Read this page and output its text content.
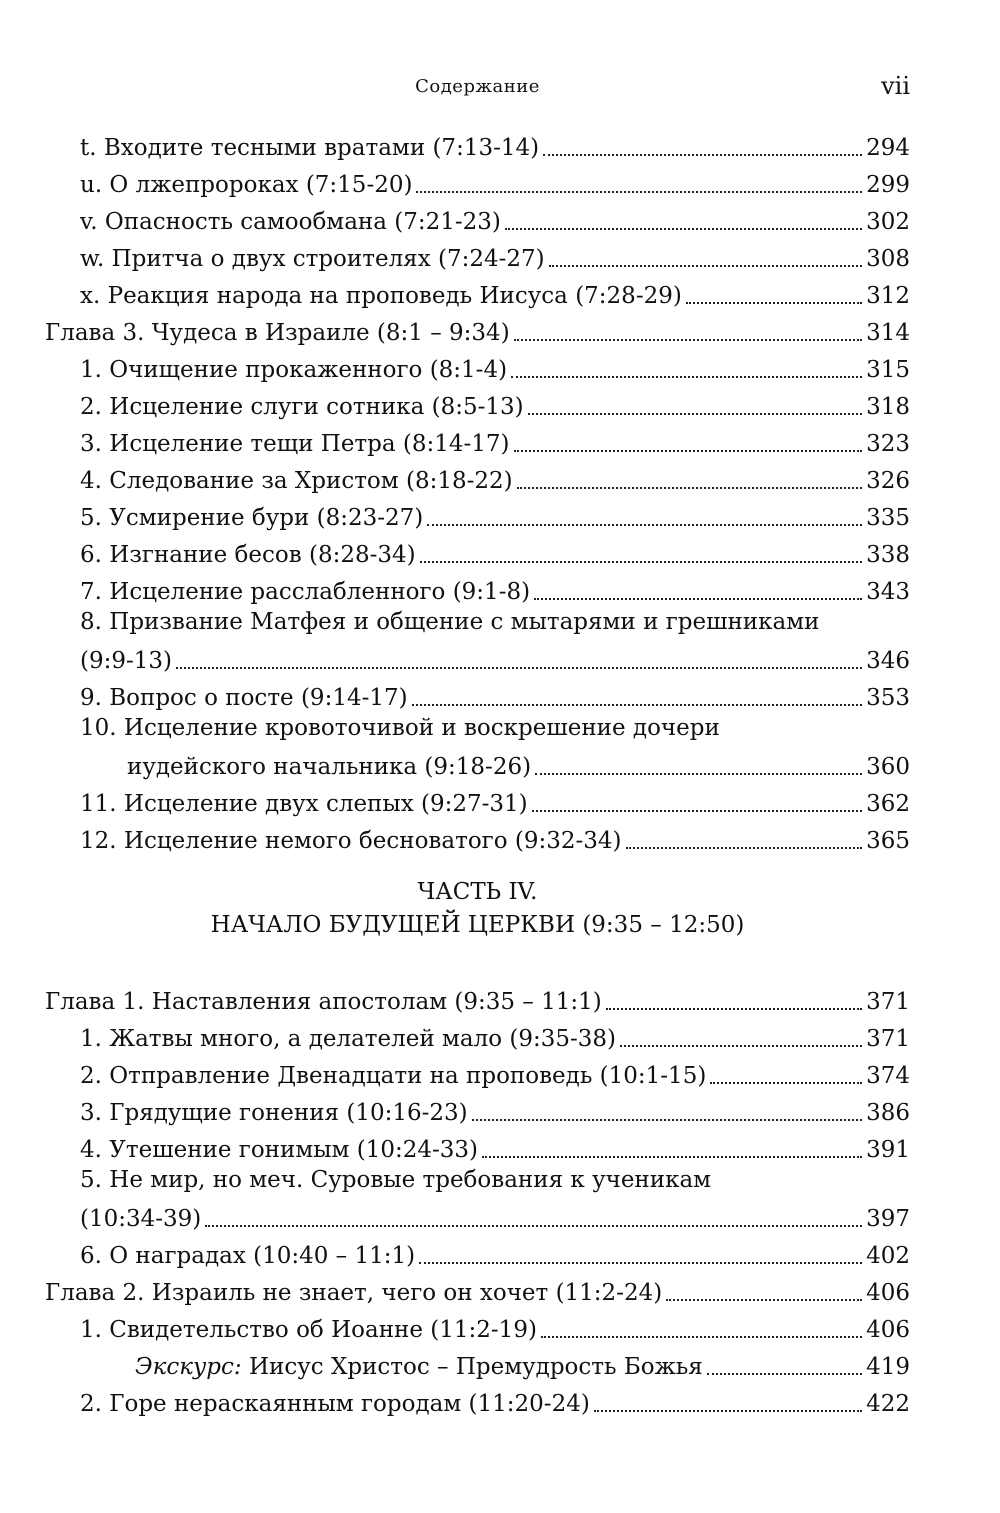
Содержание	vii
t. Входите тесными вратами (7:13-14)	294
u. О лжепророках (7:15-20)	299
v. Опасность самообмана (7:21-23)	302
w. Притча о двух строителях (7:24-27)	308
x. Реакция народа на проповедь Иисуса (7:28-29)	312
Глава 3. Чудеса в Израиле (8:1 – 9:34)	314
1. Очищение прокаженного (8:1-4)	315
2. Исцеление слуги сотника (8:5-13)	318
3. Исцеление тещи Петра (8:14-17)	323
4. Следование за Христом (8:18-22)	326
5. Усмирение бури (8:23-27)	335
6. Изгнание бесов (8:28-34)	338
7. Исцеление расслабленного (9:1-8)	343
8. Призвание Матфея и общение с мытарями и грешниками
(9:9-13)	346
9. Вопрос о посте (9:14-17)	353
10. Исцеление кровоточивой и воскрешение дочери
иудейского начальника (9:18-26)	360
11. Исцеление двух слепых (9:27-31)	362
12. Исцеление немого бесноватого (9:32-34)	365
ЧАСТЬ IV.
НАЧАЛО БУДУЩЕЙ ЦЕРКВИ (9:35 – 12:50)
Глава 1. Наставления апостолам (9:35 – 11:1)	371
1. Жатвы много, а делателей мало (9:35-38)	371
2. Отправление Двенадцати на проповедь (10:1-15)	374
3. Грядущие гонения (10:16-23)	386
4. Утешение гонимым (10:24-33)	391
5. Не мир, но меч. Суровые требования к ученикам
(10:34-39)	397
6. О наградах (10:40 – 11:1)	402
Глава 2. Израиль не знает, чего он хочет (11:2-24)	406
1. Свидетельство об Иоанне (11:2-19)	406
Экскурс: Иисус Христос – Премудрость Божья	419
2. Горе нераскаянным городам (11:20-24)	422
